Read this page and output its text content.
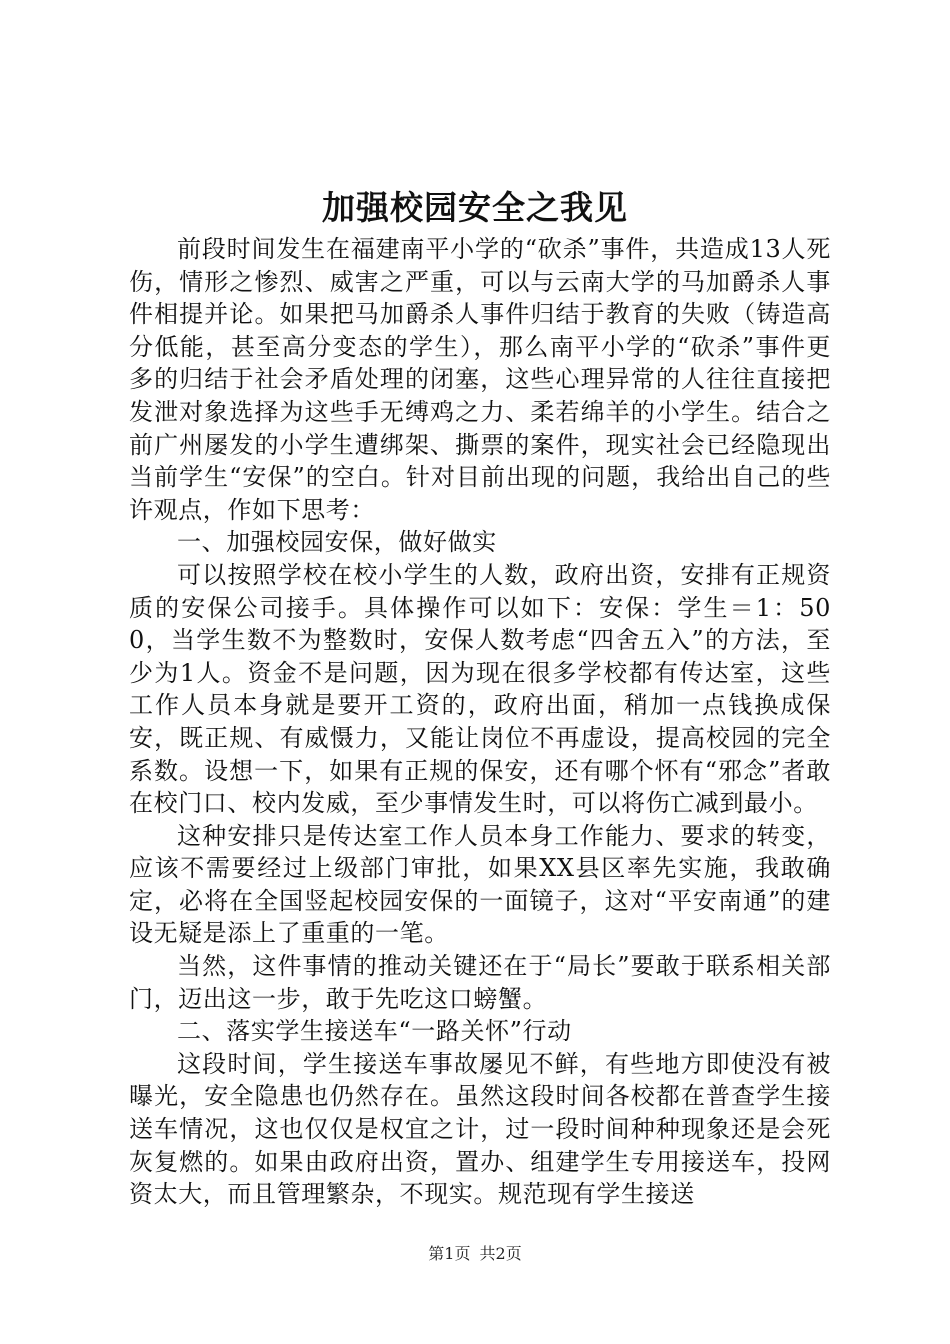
加强校园安全之我见

前段时间发生在福建南平小学的“砍杀”事件，共造成13人死伤，情形之惨烈、威害之严重，可以与云南大学的马加爵杀人事件相提并论。如果把马加爵杀人事件归结于教育的失败（铸造高分低能，甚至高分变态的学生），那么南平小学的“砍杀”事件更多的归结于社会矛盾处理的闭塞，这些心理异常的人往往直接把发泄对象选择为这些手无缚鸡之力、柔若绵羊的小学生。结合之前广州屡发的小学生遭绑架、撕票的案件，现实社会已经隐现出当前学生“安保”的空白。针对目前出现的问题，我给出自己的些许观点，作如下思考：

一、加强校园安保，做好做实

可以按照学校在校小学生的人数，政府出资，安排有正规资质的安保公司接手。具体操作可以如下：安保：学生＝1：500，当学生数不为整数时，安保人数考虑“四舍五入”的方法，至少为1人。资金不是问题，因为现在很多学校都有传达室，这些工作人员本身就是要开工资的，政府出面，稍加一点钱换成保安，既正规、有威慑力，又能让岗位不再虚设，提高校园的完全系数。设想一下，如果有正规的保安，还有哪个怀有“邪念”者敢在校门口、校内发威，至少事情发生时，可以将伤亡减到最小。

这种安排只是传达室工作人员本身工作能力、要求的转变，应该不需要经过上级部门审批，如果XX县区率先实施，我敢确定，必将在全国竖起校园安保的一面镜子，这对“平安南通”的建设无疑是添上了重重的一笔。

当然，这件事情的推动关键还在于“局长”要敢于联系相关部门，迈出这一步，敢于先吃这口螃蟹。

二、落实学生接送车“一路关怀”行动

这段时间，学生接送车事故屡见不鲜，有些地方即使没有被曝光，安全隐患也仍然存在。虽然这段时间各校都在普查学生接送车情况，这也仅仅是权宜之计，过一段时间种种现象还是会死灰复燃的。如果由政府出资，置办、组建学生专用接送车，投网资太大，而且管理繁杂，不现实。规范现有学生接送

第1页 共2页
